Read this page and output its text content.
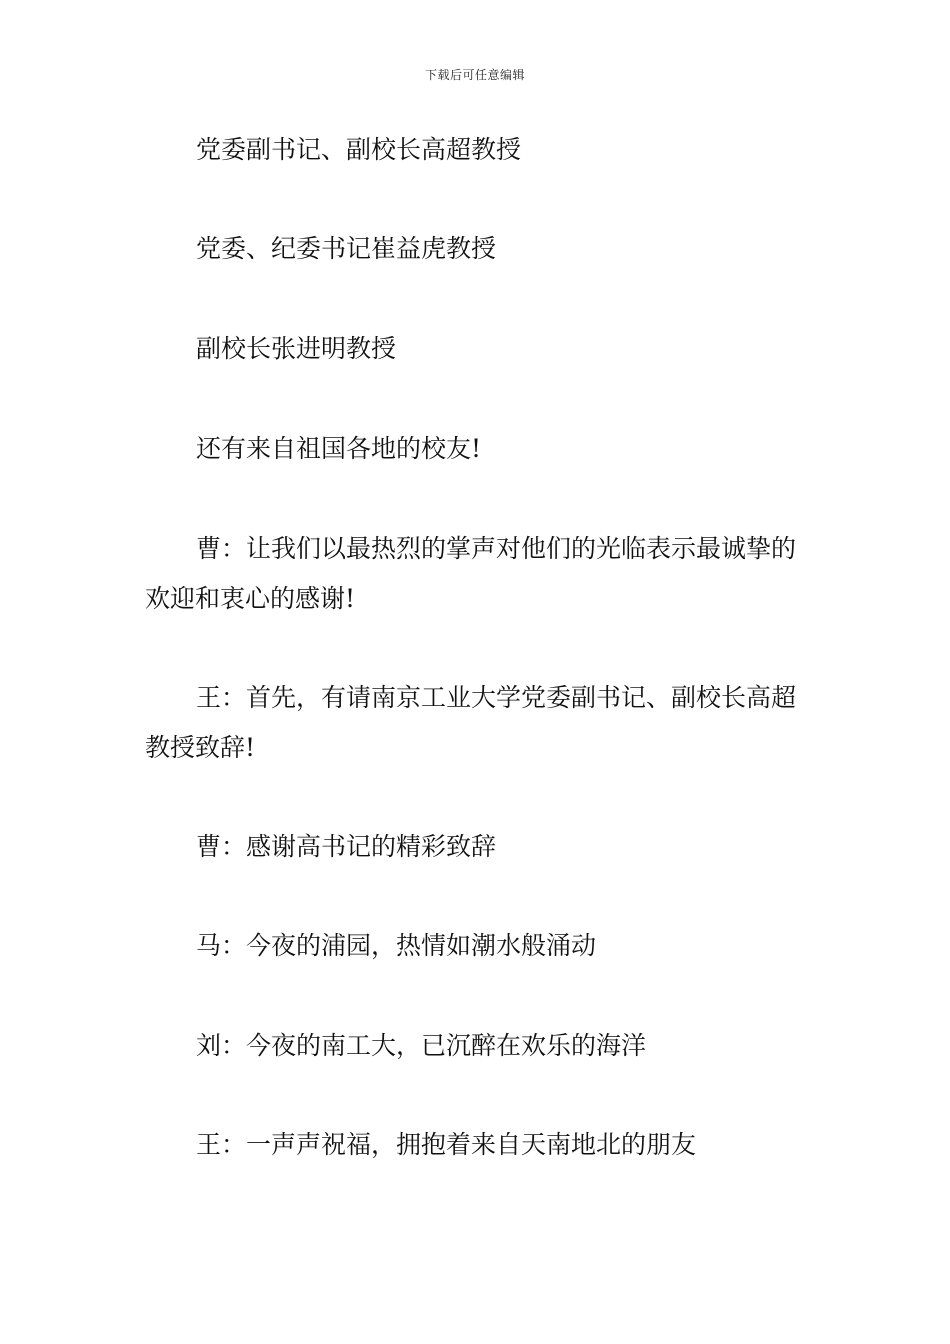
下载后可任意编辑

党委副书记、副校长高超教授

党委、纪委书记崔益虎教授

副校长张进明教授

还有来自祖国各地的校友!

曹：让我们以最热烈的掌声对他们的光临表示最诚挚的欢迎和衷心的感谢!

王：首先，有请南京工业大学党委副书记、副校长高超教授致辞!

曹：感谢高书记的精彩致辞

马：今夜的浦园，热情如潮水般涌动

刘：今夜的南工大，已沉醉在欢乐的海洋

王：一声声祝福，拥抱着来自天南地北的朋友
